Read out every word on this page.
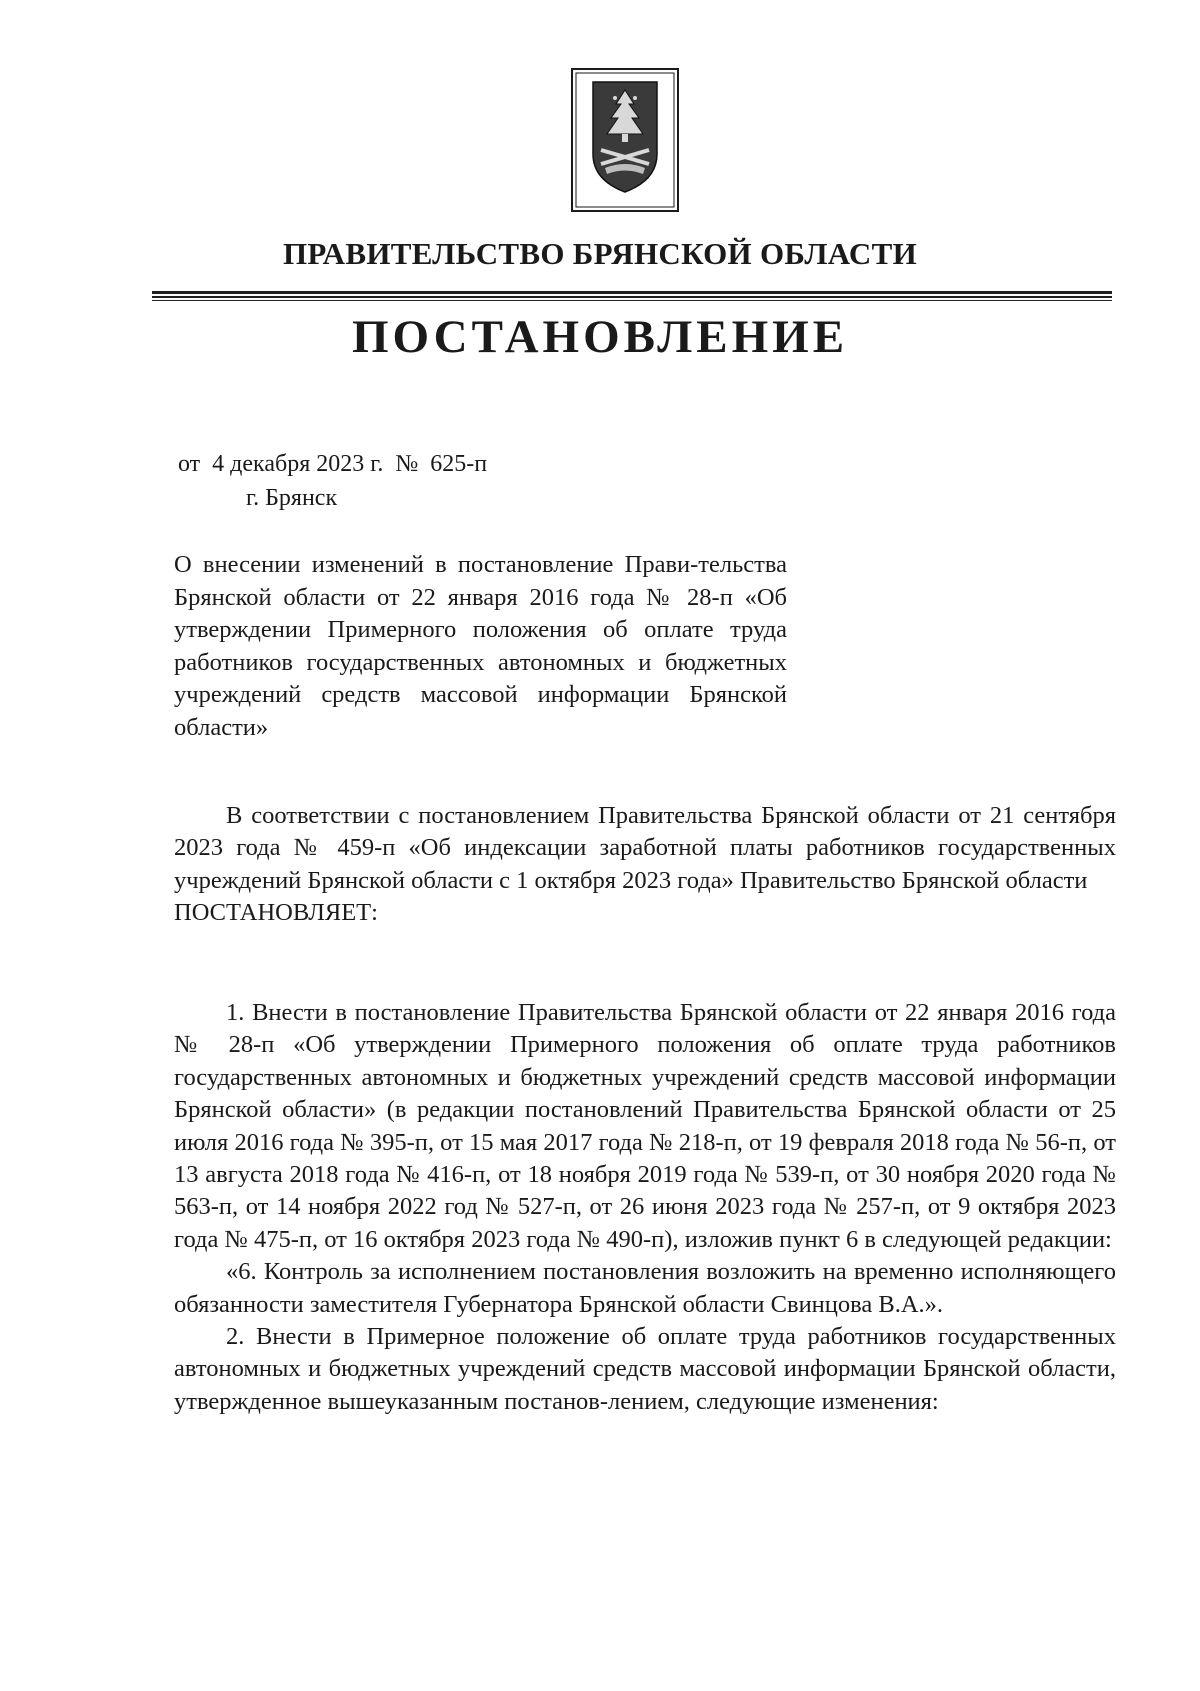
ПРАВИТЕЛЬСТВО БРЯНСКОЙ ОБЛАСТИ
ПОСТАНОВЛЕНИЕ
от  4 декабря 2023 г.  №  625-п
г. Брянск
О внесении изменений в постановление Прави-тельства Брянской области от 22 января 2016 года № 28-п «Об утверждении Примерного положения об оплате труда работников государственных автономных и бюджетных учреждений средств массовой информации Брянской области»

В соответствии с постановлением Правительства Брянской области от 21 сентября 2023 года № 459-п «Об индексации заработной платы работников государственных учреждений Брянской области с 1 октября 2023 года» Правительство Брянской области

ПОСТАНОВЛЯЕТ:

1. Внести в постановление Правительства Брянской области от 22 января 2016 года № 28-п «Об утверждении Примерного положения об оплате труда работников государственных автономных и бюджетных учреждений средств массовой информации Брянской области» (в редакции постановлений Правительства Брянской области от 25 июля 2016 года № 395-п, от 15 мая 2017 года № 218-п, от 19 февраля 2018 года № 56-п, от 13 августа 2018 года № 416-п, от 18 ноября 2019 года № 539-п, от 30 ноября 2020 года № 563-п, от 14 ноября 2022 год № 527-п, от 26 июня 2023 года № 257-п, от 9 октября 2023 года № 475-п, от 16 октября 2023 года № 490-п), изложив пункт 6 в следующей редакции:

«6. Контроль за исполнением постановления возложить на временно исполняющего обязанности заместителя Губернатора Брянской области Свинцова В.А.».

2. Внести в Примерное положение об оплате труда работников государственных автономных и бюджетных учреждений средств массовой информации Брянской области, утвержденное вышеуказанным постанов-лением, следующие изменения:
